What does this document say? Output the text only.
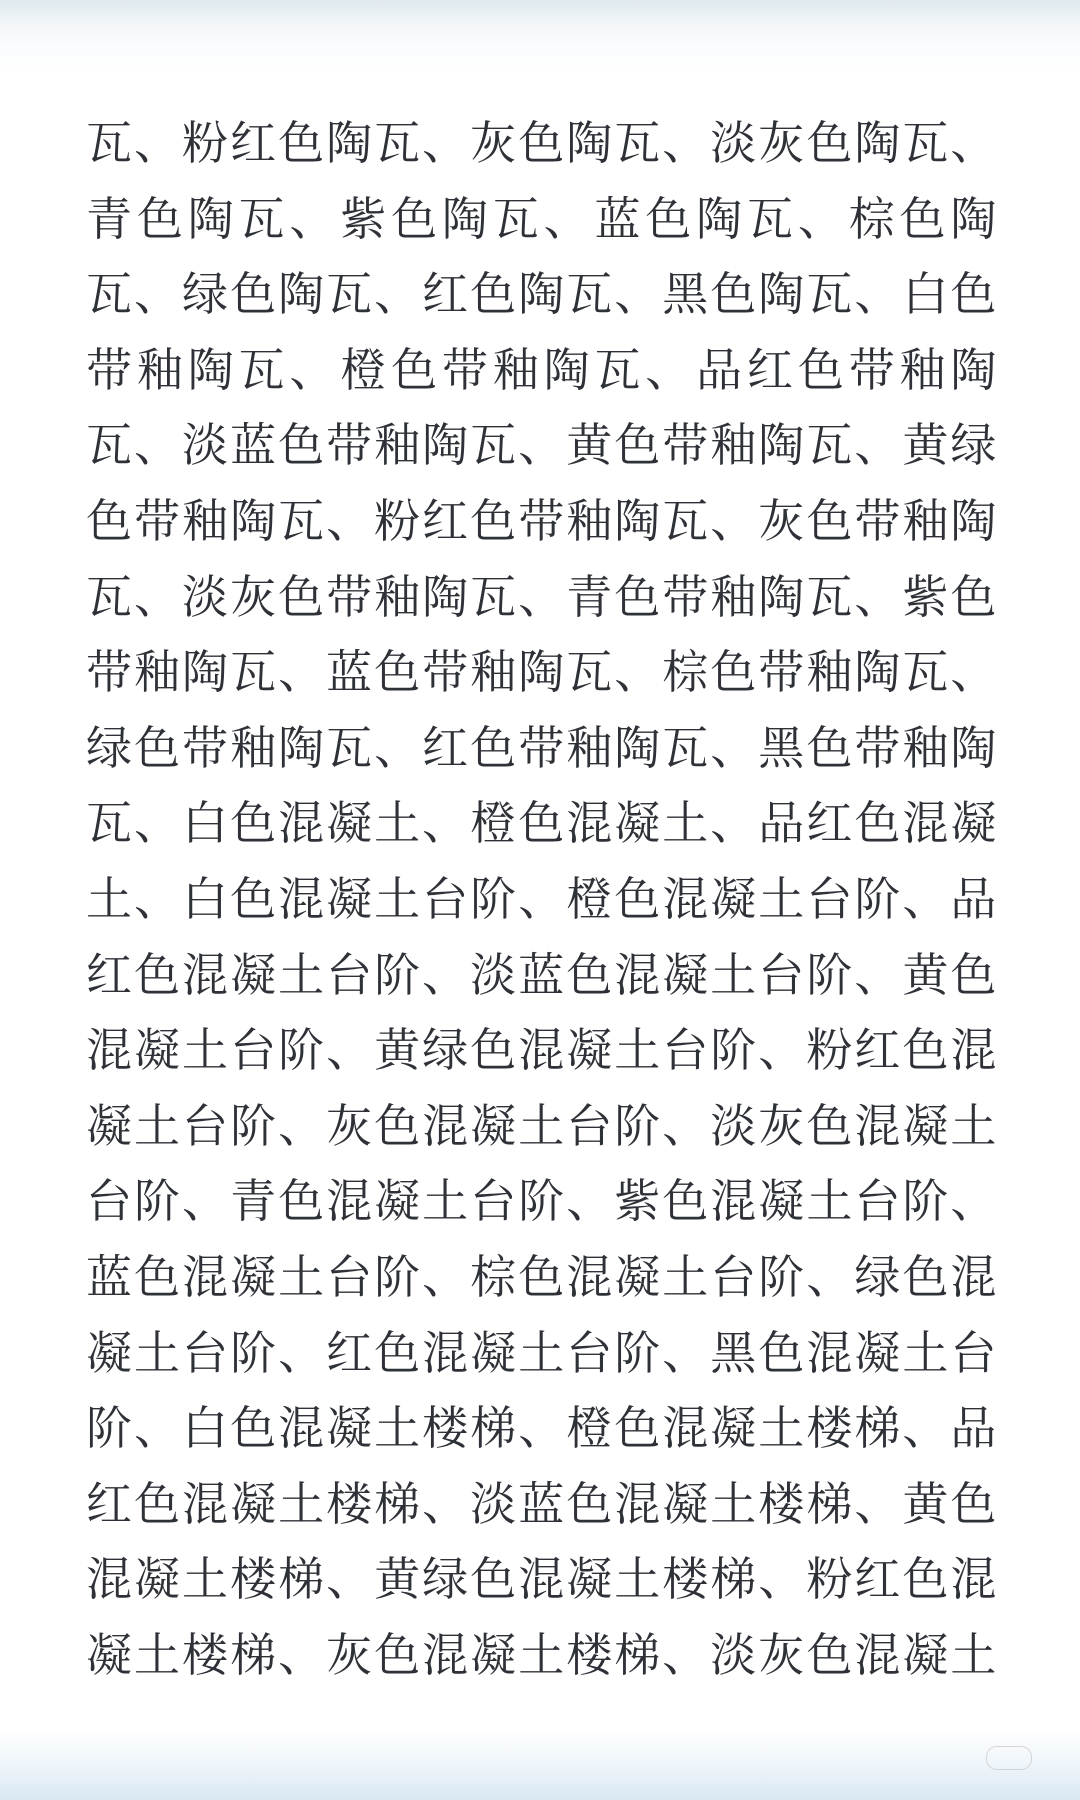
瓦、粉红色陶瓦、灰色陶瓦、淡灰色陶瓦、
青色陶瓦、紫色陶瓦、蓝色陶瓦、棕色陶
瓦、绿色陶瓦、红色陶瓦、黑色陶瓦、白色
带釉陶瓦、橙色带釉陶瓦、品红色带釉陶
瓦、淡蓝色带釉陶瓦、黄色带釉陶瓦、黄绿
色带釉陶瓦、粉红色带釉陶瓦、灰色带釉陶
瓦、淡灰色带釉陶瓦、青色带釉陶瓦、紫色
带釉陶瓦、蓝色带釉陶瓦、棕色带釉陶瓦、
绿色带釉陶瓦、红色带釉陶瓦、黑色带釉陶
瓦、白色混凝土、橙色混凝土、品红色混凝
土、白色混凝土台阶、橙色混凝土台阶、品
红色混凝土台阶、淡蓝色混凝土台阶、黄色
混凝土台阶、黄绿色混凝土台阶、粉红色混
凝土台阶、灰色混凝土台阶、淡灰色混凝土
台阶、青色混凝土台阶、紫色混凝土台阶、
蓝色混凝土台阶、棕色混凝土台阶、绿色混
凝土台阶、红色混凝土台阶、黑色混凝土台
阶、白色混凝土楼梯、橙色混凝土楼梯、品
红色混凝土楼梯、淡蓝色混凝土楼梯、黄色
混凝土楼梯、黄绿色混凝土楼梯、粉红色混
凝土楼梯、灰色混凝土楼梯、淡灰色混凝土
